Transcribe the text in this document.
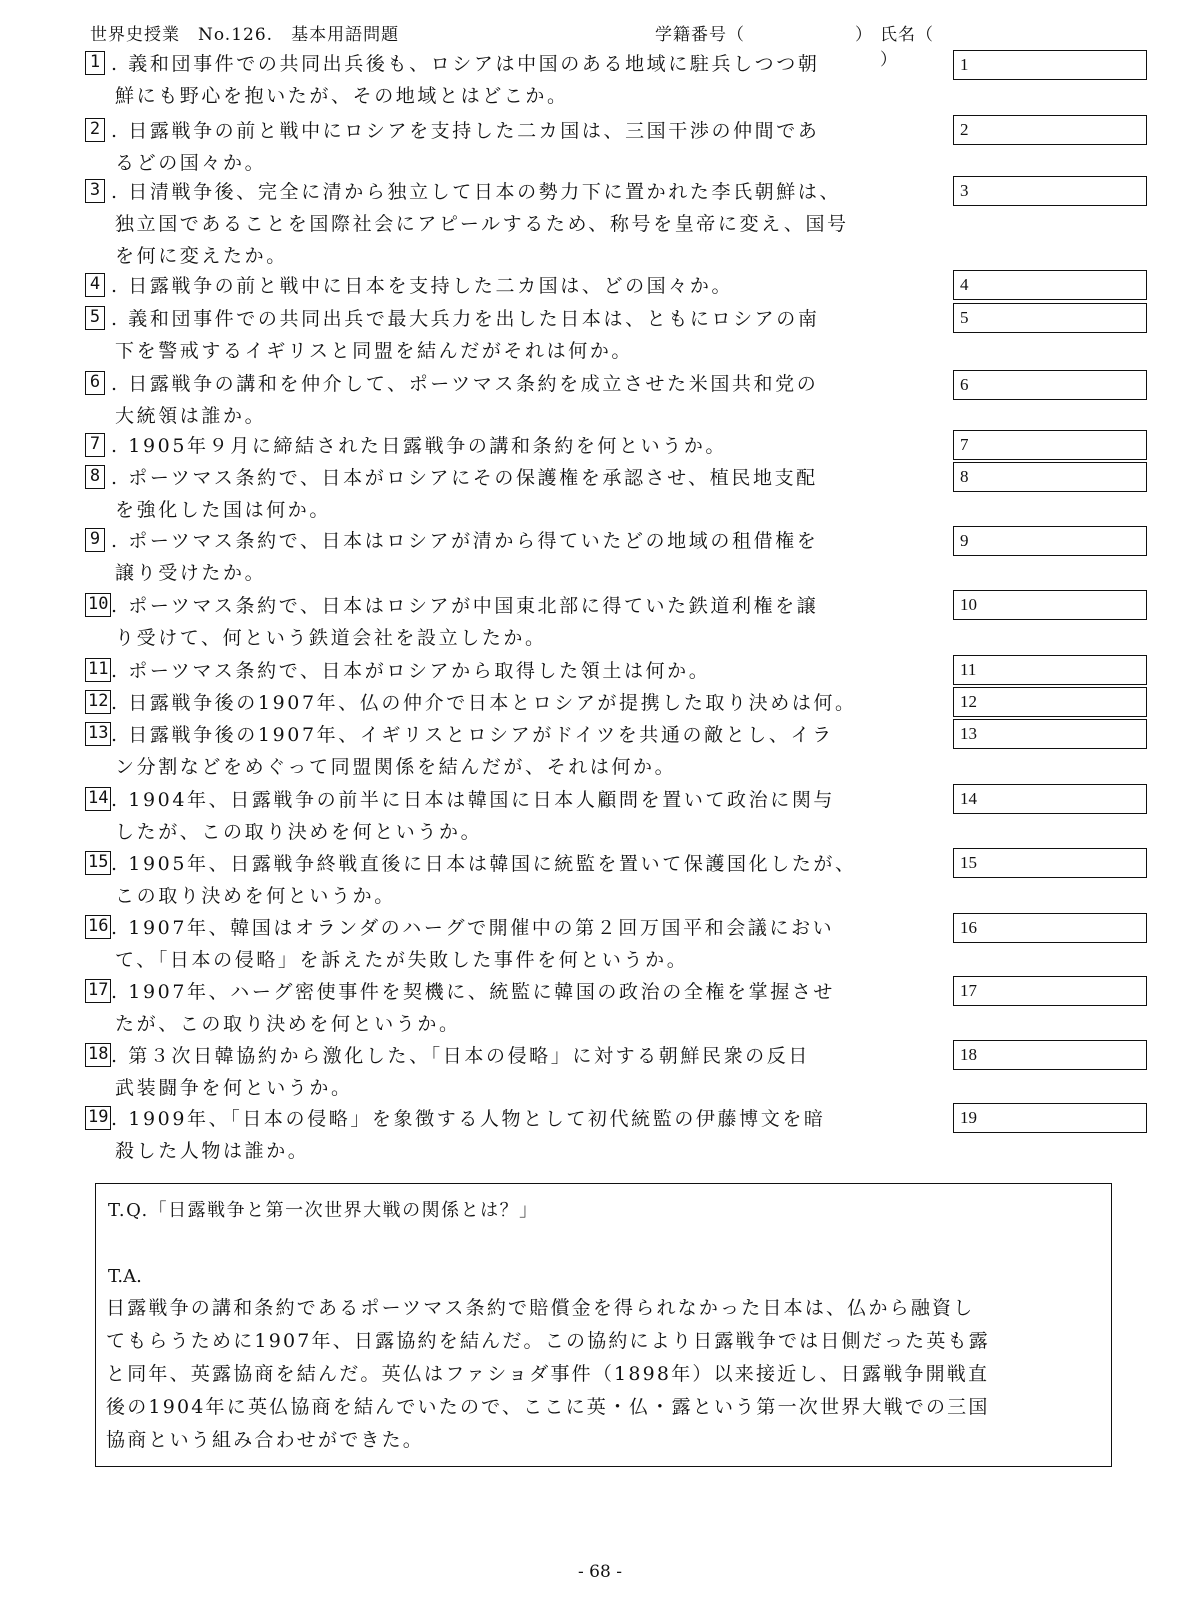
世界史授業　No.126.　基本用語問題	学籍番号（	） 氏名（）
1 . 義和団事件での共同出兵後も、ロシアは中国のある地域に駐兵しつつ朝
鮮にも野心を抱いたが、その地域とはどこか。
1
2 . 日露戦争の前と戦中にロシアを支持した二カ国は、三国干渉の仲間であ
るどの国々か。
2
3 . 日清戦争後、完全に清から独立して日本の勢力下に置かれた李氏朝鮮は、
独立国であることを国際社会にアピールするため、称号を皇帝に変え、国号
を何に変えたか。
3
4 . 日露戦争の前と戦中に日本を支持した二カ国は、どの国々か。	4
5 . 義和団事件での共同出兵で最大兵力を出した日本は、ともにロシアの南
下を警戒するイギリスと同盟を結んだがそれは何か。
5
6 . 日露戦争の講和を仲介して、ポーツマス条約を成立させた米国共和党の
大統領は誰か。
6
7 . 1905年９月に締結された日露戦争の講和条約を何というか。	7
8 . ポーツマス条約で、日本がロシアにその保護権を承認させ、植民地支配
を強化した国は何か。
8
9 . ポーツマス条約で、日本はロシアが清から得ていたどの地域の租借権を
譲り受けたか。
9
10 . ポーツマス条約で、日本はロシアが中国東北部に得ていた鉄道利権を譲
り受けて、何という鉄道会社を設立したか。
10
11 . ポーツマス条約で、日本がロシアから取得した領土は何か。	11
12 . 日露戦争後の1907年、仏の仲介で日本とロシアが提携した取り決めは何。	12
13 . 日露戦争後の1907年、イギリスとロシアがドイツを共通の敵とし、イラ
ン分割などをめぐって同盟関係を結んだが、それは何か。
13
14 . 1904年、日露戦争の前半に日本は韓国に日本人顧問を置いて政治に関与
したが、この取り決めを何というか。
14
15 . 1905年、日露戦争終戦直後に日本は韓国に統監を置いて保護国化したが、
この取り決めを何というか。
15
16 . 1907年、韓国はオランダのハーグで開催中の第２回万国平和会議におい
て、「日本の侵略」を訴えたが失敗した事件を何というか。
16
17 . 1907年、ハーグ密使事件を契機に、統監に韓国の政治の全権を掌握させ
たが、この取り決めを何というか。
17
18 . 第３次日韓協約から激化した、「日本の侵略」に対する朝鮮民衆の反日
武装闘争を何というか。
18
19 . 1909年、「日本の侵略」を象徴する人物として初代統監の伊藤博文を暗
殺した人物は誰か。
19
T.Q.「日露戦争と第一次世界大戦の関係とは？」
T.A.
日露戦争の講和条約であるポーツマス条約で賠償金を得られなかった日本は、仏から融資し
てもらうために1907年、日露協約を結んだ。この協約により日露戦争では日側だった英も露
と同年、英露協商を結んだ。英仏はファショダ事件（1898年）以来接近し、日露戦争開戦直
後の1904年に英仏協商を結んでいたので、ここに英・仏・露という第一次世界大戦での三国
協商という組み合わせができた。
- 68 -
